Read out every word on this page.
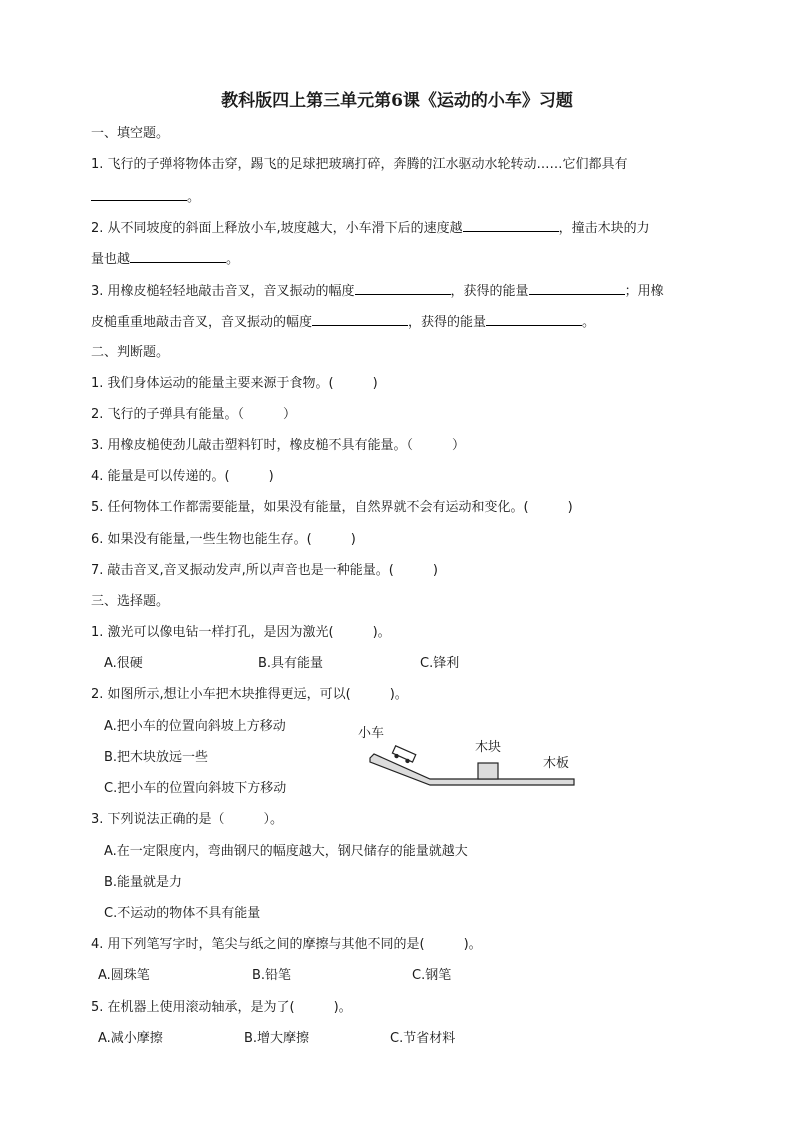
教科版四上第三单元第6课《运动的小车》习题
一、填空题。
1. 飞行的子弹将物体击穿，踢飞的足球把玻璃打碎，奔腾的江水驱动水轮转动……它们都具有
。
2. 从不同坡度的斜面上释放小车,坡度越大，小车滑下后的速度越	，撞击木块的力
量也越	。
3. 用橡皮槌轻轻地敲击音叉，音叉振动的幅度	，获得的能量	；用橡
皮槌重重地敲击音叉，音叉振动的幅度	，获得的能量	。
二、判断题。
1. 我们身体运动的能量主要来源于食物。(　　　)
2. 飞行的子弹具有能量。（　　　）
3. 用橡皮槌使劲儿敲击塑料钉时，橡皮槌不具有能量。（　　　）
4. 能量是可以传递的。(　　　)
5. 任何物体工作都需要能量，如果没有能量，自然界就不会有运动和变化。(　　　)
6. 如果没有能量,一些生物也能生存。(　　　)
7. 敲击音叉,音叉振动发声,所以声音也是一种能量。(　　　)
三、选择题。
1. 激光可以像电钻一样打孔，是因为激光(　　　)。
A.很硬	B.具有能量	C.锋利
2. 如图所示,想让小车把木块推得更远，可以(　　　)。
A.把小车的位置向斜坡上方移动
B.把木块放远一些
C.把小车的位置向斜坡下方移动
小车
木块
木板
3. 下列说法正确的是（　　　）。
A.在一定限度内，弯曲钢尺的幅度越大，钢尺储存的能量就越大
B.能量就是力
C.不运动的物体不具有能量
4. 用下列笔写字时，笔尖与纸之间的摩擦与其他不同的是(　　　)。
A.圆珠笔	B.铅笔	C.钢笔
5. 在机器上使用滚动轴承，是为了(　　　)。
A.减小摩擦	B.增大摩擦	C.节省材料
